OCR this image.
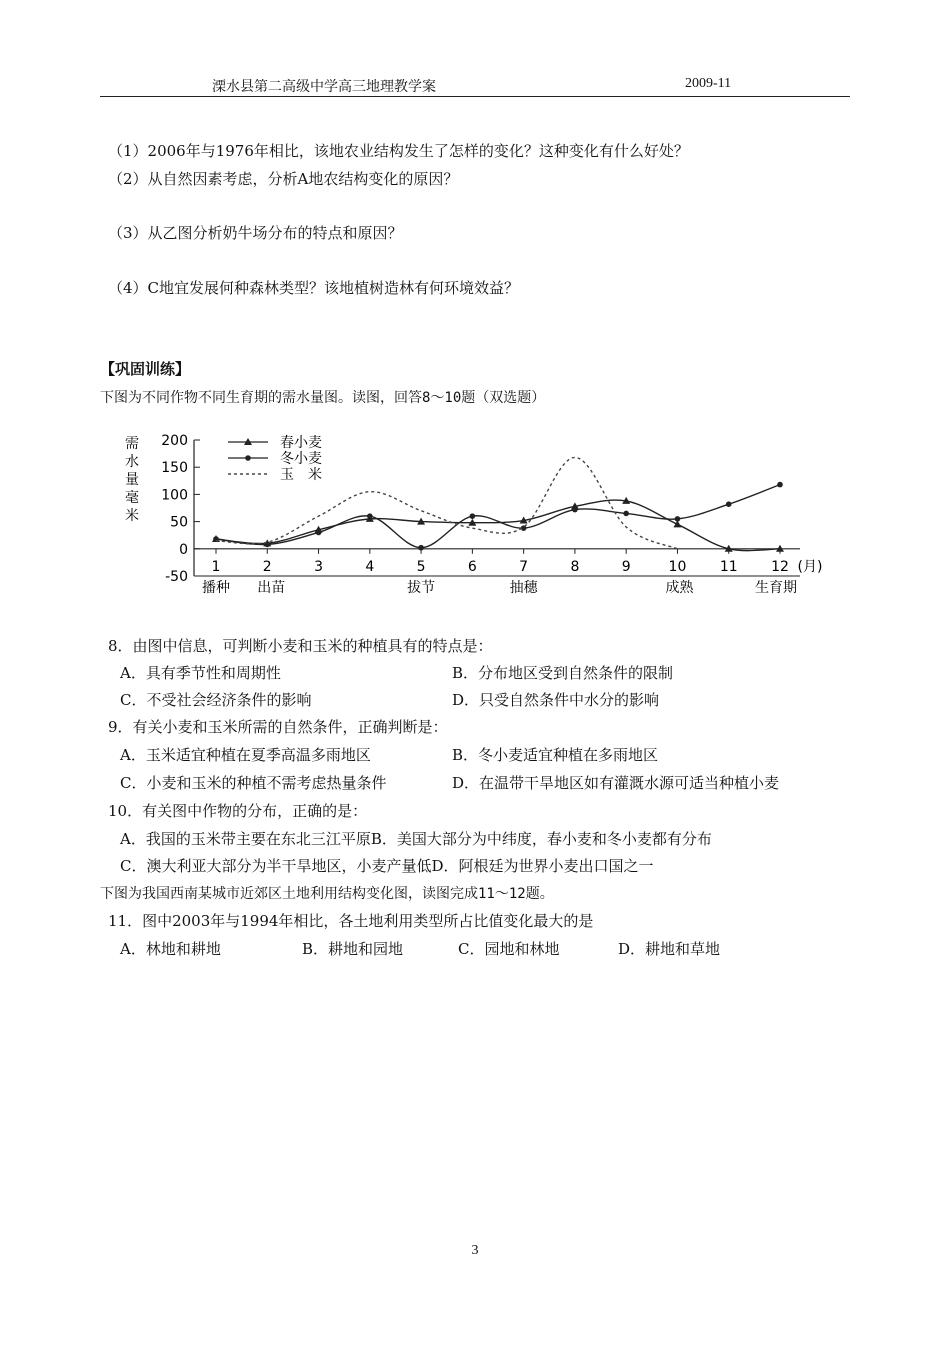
溧水县第二高级中学高三地理教学案	2009-11
（1）2006年与1976年相比，该地农业结构发生了怎样的变化？这种变化有什么好处？
（2）从自然因素考虑，分析A地农结构变化的原因？
（3）从乙图分析奶牛场分布的特点和原因？
（4）C地宜发展何种森林类型？该地植树造林有何环境效益？
【巩固训练】
下图为不同作物不同生育期的需水量图。读图，回答8～10题（双选题）
需
水
量
毫
米
200
150
100
50
0
-50
1	2	3	4	5	6	7	8	9	10 11 12 (月)
春小麦
冬小麦
玉　米
播种 出苗	拔节	抽穗	成熟	生育期
8．由图中信息，可判断小麦和玉米的种植具有的特点是：
A．具有季节性和周期性	B．分布地区受到自然条件的限制
C．不受社会经济条件的影响	D．只受自然条件中水分的影响
9．有关小麦和玉米所需的自然条件，正确判断是：
A．玉米适宜种植在夏季高温多雨地区	B．冬小麦适宜种植在多雨地区
C．小麦和玉米的种植不需考虑热量条件	D．在温带干旱地区如有灌溉水源可适当种植小麦
10．有关图中作物的分布，正确的是：
A．我国的玉米带主要在东北三江平原B．美国大部分为中纬度，春小麦和冬小麦都有分布
C．澳大利亚大部分为半干旱地区，小麦产量低D．阿根廷为世界小麦出口国之一
下图为我国西南某城市近郊区土地利用结构变化图，读图完成11～12题。
11．图中2003年与1994年相比，各土地利用类型所占比值变化最大的是
A．林地和耕地	B．耕地和园地	C．园地和林地	D．耕地和草地
3
